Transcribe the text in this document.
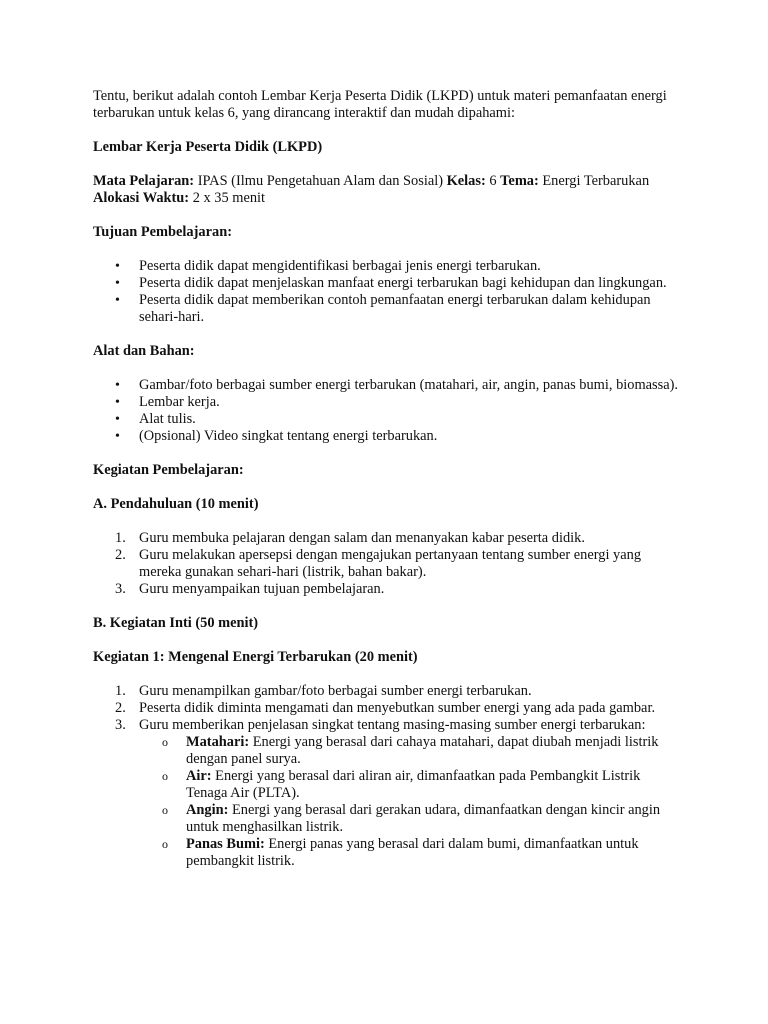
Tentu, berikut adalah contoh Lembar Kerja Peserta Didik (LKPD) untuk materi pemanfaatan energi terbarukan untuk kelas 6, yang dirancang interaktif dan mudah dipahami:

Lembar Kerja Peserta Didik (LKPD)

Mata Pelajaran: IPAS (Ilmu Pengetahuan Alam dan Sosial) Kelas: 6 Tema: Energi Terbarukan Alokasi Waktu: 2 x 35 menit

Tujuan Pembelajaran:

• Peserta didik dapat mengidentifikasi berbagai jenis energi terbarukan.
• Peserta didik dapat menjelaskan manfaat energi terbarukan bagi kehidupan dan lingkungan.
• Peserta didik dapat memberikan contoh pemanfaatan energi terbarukan dalam kehidupan sehari-hari.

Alat dan Bahan:

• Gambar/foto berbagai sumber energi terbarukan (matahari, air, angin, panas bumi, biomassa).
• Lembar kerja.
• Alat tulis.
• (Opsional) Video singkat tentang energi terbarukan.

Kegiatan Pembelajaran:

A. Pendahuluan (10 menit)

1. Guru membuka pelajaran dengan salam dan menanyakan kabar peserta didik.
2. Guru melakukan apersepsi dengan mengajukan pertanyaan tentang sumber energi yang mereka gunakan sehari-hari (listrik, bahan bakar).
3. Guru menyampaikan tujuan pembelajaran.

B. Kegiatan Inti (50 menit)

Kegiatan 1: Mengenal Energi Terbarukan (20 menit)

1. Guru menampilkan gambar/foto berbagai sumber energi terbarukan.
2. Peserta didik diminta mengamati dan menyebutkan sumber energi yang ada pada gambar.
3. Guru memberikan penjelasan singkat tentang masing-masing sumber energi terbarukan:
o Matahari: Energi yang berasal dari cahaya matahari, dapat diubah menjadi listrik dengan panel surya.
o Air: Energi yang berasal dari aliran air, dimanfaatkan pada Pembangkit Listrik Tenaga Air (PLTA).
o Angin: Energi yang berasal dari gerakan udara, dimanfaatkan dengan kincir angin untuk menghasilkan listrik.
o Panas Bumi: Energi panas yang berasal dari dalam bumi, dimanfaatkan untuk pembangkit listrik.
